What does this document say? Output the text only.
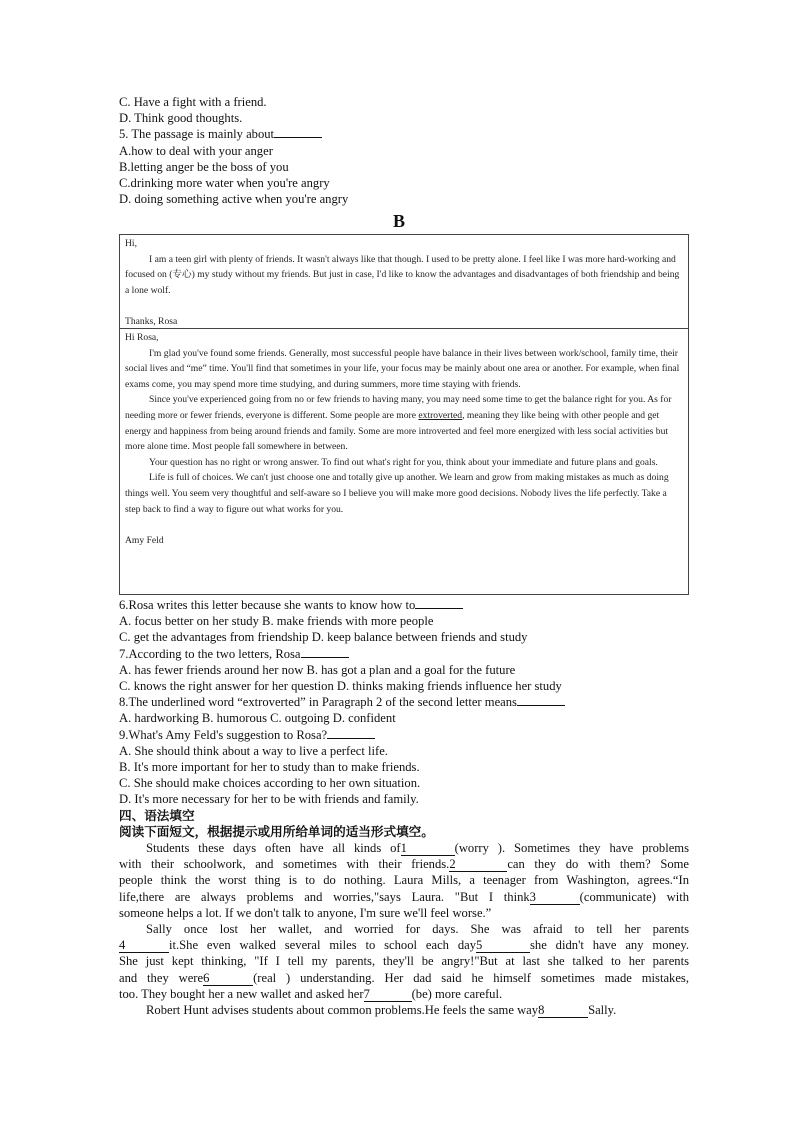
C. Have a fight with a friend.
D. Think good thoughts.
5. The passage is mainly about
A.how to deal with your anger
B.letting anger be the boss of you
C.drinking more water when you're angry
D. doing something active when you're angry
B

Hi,

I am a teen girl with plenty of friends. It wasn't always like that though. I used to be pretty alone. I feel like I was more hard-working and focused on (专心) my study without my friends. But just in case, I'd like to know the advantages and disadvantages of both friendship and being a lone wolf.

Thanks, Rosa

Hi Rosa,

I'm glad you've found some friends. Generally, most successful people have balance in their lives between work/school, family time, their social lives and “me” time. You'll find that sometimes in your life, your focus may be mainly about one area or another. For example, when final exams come, you may spend more time studying, and during summers, more time staying with friends.

Since you've experienced going from no or few friends to having many, you may need some time to get the balance right for you. As for needing more or fewer friends, everyone is different. Some people are more extroverted, meaning they like being with other people and get energy and happiness from being around friends and family. Some are more introverted and feel more energized with less social activities but more alone time. Most people fall somewhere in between.

Your question has no right or wrong answer. To find out what's right for you, think about your immediate and future plans and goals.

Life is full of choices. We can't just choose one and totally give up another. We learn and grow from making mistakes as much as doing things well. You seem very thoughtful and self-aware so I believe you will make more good decisions. Nobody lives the life perfectly. Take a step back to find a way to figure out what works for you.

Amy Feld

6.Rosa writes this letter because she wants to know how to
A. focus better on her study B. make friends with more people
C. get the advantages from friendship D. keep balance between friends and study
7.According to the two letters, Rosa
A. has fewer friends around her now B. has got a plan and a goal for the future
C. knows the right answer for her question D. thinks making friends influence her study
8.The underlined word “extroverted” in Paragraph 2 of the second letter means
A. hardworking B. humorous C. outgoing D. confident
9.What's Amy Feld's suggestion to Rosa?
A. She should think about a way to live a perfect life.
B. It's more important for her to study than to make friends.
C. She should make choices according to her own situation.
D. It's more necessary for her to be with friends and family.
四、语法填空
阅读下面短文，根据提示或用所给单词的适当形式填空。
Students these days often have all kinds of1	(worry ). Sometimes they have problems
with their schoolwork, and sometimes with their friends.2	can they do with them? Some
people think the worst thing is to do nothing. Laura Mills, a teenager from Washington, agrees.“In
life,there are always problems and worries,"says Laura. "But I think3	(communicate) with
someone helps a lot. If we don't talk to anyone, I'm sure we'll feel worse.”
Sally once lost her wallet, and worried for days. She was afraid to tell her parents
4	it.She even walked several miles to school each day5	she didn't have any money.
She just kept thinking, "If I tell my parents, they'll be angry!"But at last she talked to her parents
and they were6	(real ) understanding. Her dad said he himself sometimes made mistakes,
too. They bought her a new wallet and asked her7	(be) more careful.
Robert Hunt advises students about common problems.He feels the same way8	Sally.
